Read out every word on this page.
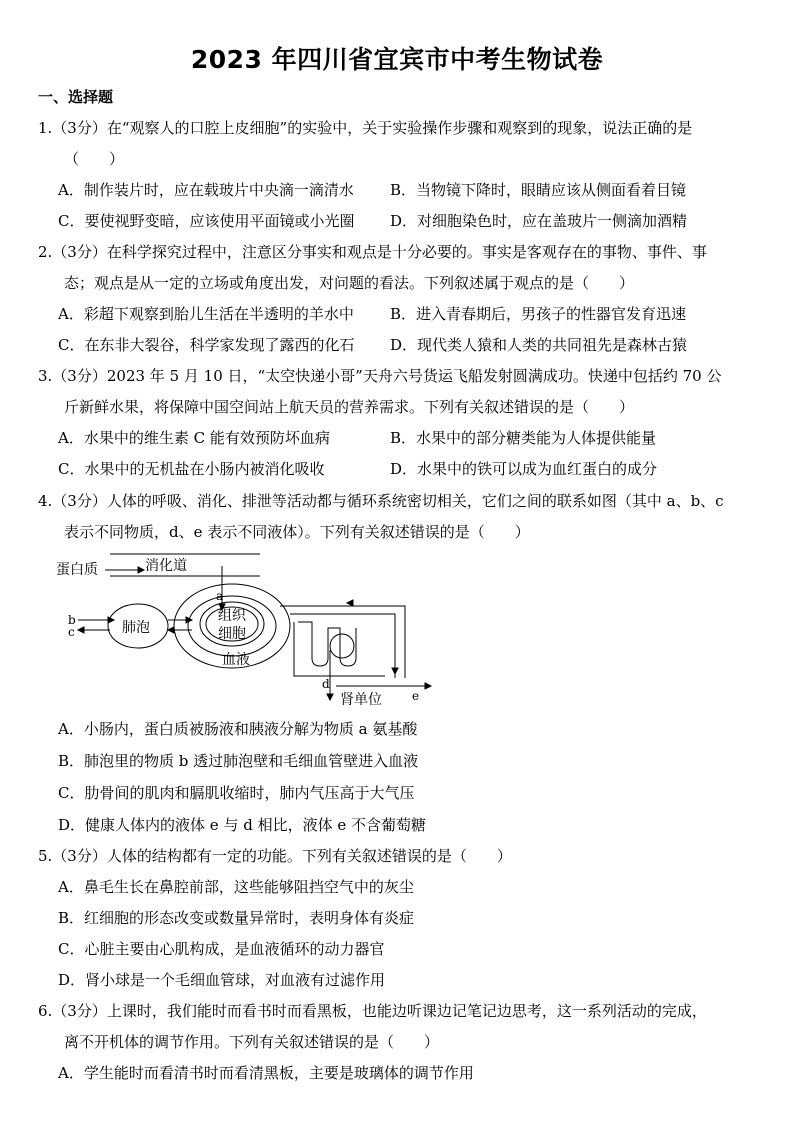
2023 年四川省宜宾市中考生物试卷
一、选择题
1.（3分）在“观察人的口腔上皮细胞”的实验中，关于实验操作步骤和观察到的现象，说法正确的是
（　　）
A．制作装片时，应在载玻片中央滴一滴清水 B．当物镜下降时，眼睛应该从侧面看着目镜
C．要使视野变暗，应该使用平面镜或小光圈 D．对细胞染色时，应在盖玻片一侧滴加酒精
2.（3分）在科学探究过程中，注意区分事实和观点是十分必要的。事实是客观存在的事物、事件、事
态；观点是从一定的立场或角度出发，对问题的看法。下列叙述属于观点的是（　　）
A．彩超下观察到胎儿生活在半透明的羊水中 B．进入青春期后，男孩子的性器官发育迅速
C．在东非大裂谷，科学家发现了露西的化石 D．现代类人猿和人类的共同祖先是森林古猿
3.（3分）2023 年 5 月 10 日，“太空快递小哥”天舟六号货运飞船发射圆满成功。快递中包括约 70 公
斤新鲜水果，将保障中国空间站上航天员的营养需求。下列有关叙述错误的是（　　）
A．水果中的维生素 C 能有效预防坏血病	B．水果中的部分糖类能为人体提供能量
C．水果中的无机盐在小肠内被消化吸收	D．水果中的铁可以成为血红蛋白的成分
4.（3分）人体的呼吸、消化、排泄等活动都与循环系统密切相关，它们之间的联系如图（其中 a、b、c
表示不同物质，d、e 表示不同液体）。下列有关叙述错误的是（　　）
蛋白质	消化道
a
b
c	肺泡
组织
细胞
血液
d
e
肾单位
A．小肠内，蛋白质被肠液和胰液分解为物质 a 氨基酸
B．肺泡里的物质 b 透过肺泡壁和毛细血管壁进入血液
C．肋骨间的肌肉和膈肌收缩时，肺内气压高于大气压
D．健康人体内的液体 e 与 d 相比，液体 e 不含葡萄糖
5.（3分）人体的结构都有一定的功能。下列有关叙述错误的是（　　）
A．鼻毛生长在鼻腔前部，这些能够阻挡空气中的灰尘
B．红细胞的形态改变或数量异常时，表明身体有炎症
C．心脏主要由心肌构成，是血液循环的动力器官
D．肾小球是一个毛细血管球，对血液有过滤作用
6.（3分）上课时，我们能时而看书时而看黑板，也能边听课边记笔记边思考，这一系列活动的完成，
离不开机体的调节作用。下列有关叙述错误的是（　　）
A．学生能时而看清书时而看清黑板，主要是玻璃体的调节作用
